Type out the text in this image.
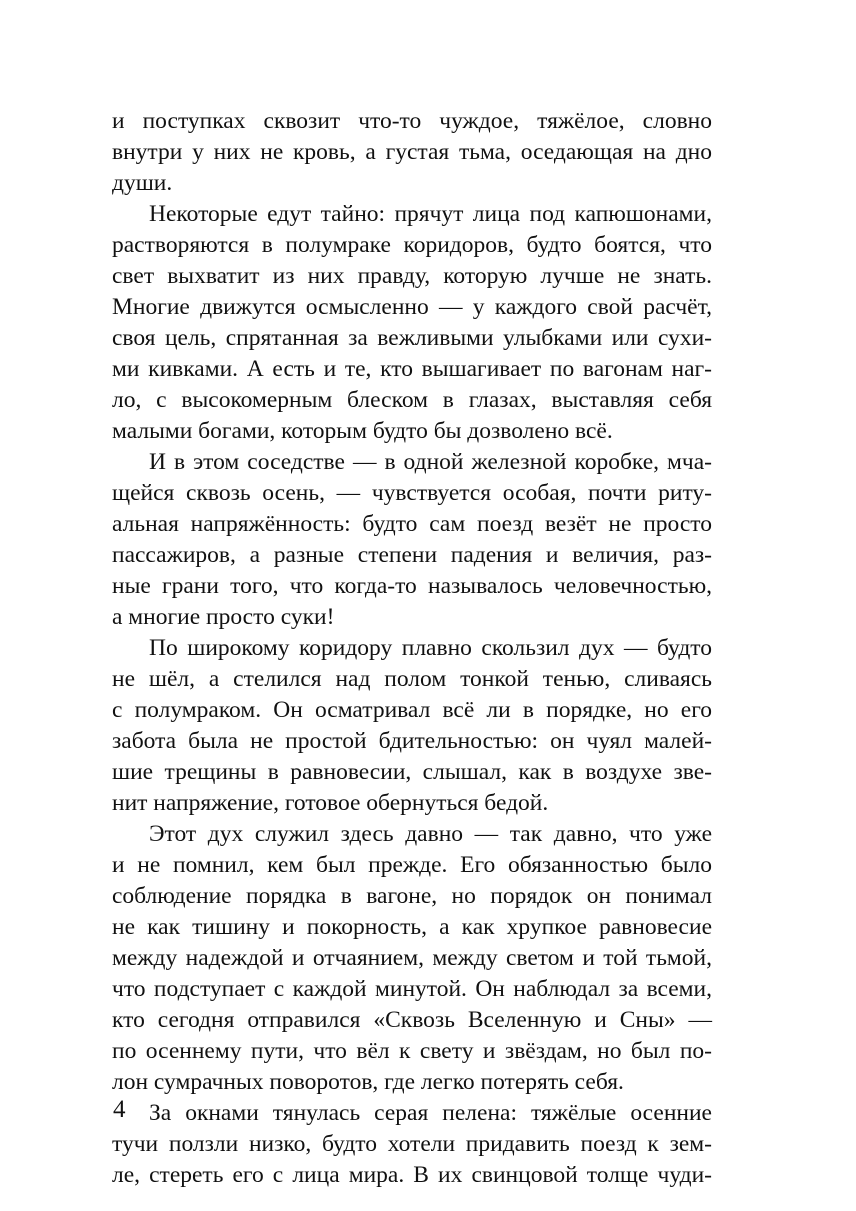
и поступках сквозит что-то чуждое, тяжёлое, словно
внутри у них не кровь, а густая тьма, оседающая на дно
души.

Некоторые едут тайно: прячут лица под капюшонами,
растворяются в полумраке коридоров, будто боятся, что
свет выхватит из них правду, которую лучше не знать.
Многие движутся осмысленно — у каждого свой расчёт,
своя цель, спрятанная за вежливыми улыбками или сухи-
ми кивками. А есть и те, кто вышагивает по вагонам наг-
ло, с высокомерным блеском в глазах, выставляя себя
малыми богами, которым будто бы дозволено всё.

И в этом соседстве — в одной железной коробке, мча-
щейся сквозь осень, — чувствуется особая, почти риту-
альная напряжённость: будто сам поезд везёт не просто
пассажиров, а разные степени падения и величия, раз-
ные грани того, что когда-то называлось человечностью,
а многие просто суки!

По широкому коридору плавно скользил дух — будто
не шёл, а стелился над полом тонкой тенью, сливаясь
с полумраком. Он осматривал всё ли в порядке, но его
забота была не простой бдительностью: он чуял малей-
шие трещины в равновесии, слышал, как в воздухе зве-
нит напряжение, готовое обернуться бедой.

Этот дух служил здесь давно — так давно, что уже
и не помнил, кем был прежде. Его обязанностью было
соблюдение порядка в вагоне, но порядок он понимал
не как тишину и покорность, а как хрупкое равновесие
между надеждой и отчаянием, между светом и той тьмой,
что подступает с каждой минутой. Он наблюдал за всеми,
кто сегодня отправился «Сквозь Вселенную и Сны» —
по осеннему пути, что вёл к свету и звёздам, но был по-
лон сумрачных поворотов, где легко потерять себя.

За окнами тянулась серая пелена: тяжёлые осенние
тучи ползли низко, будто хотели придавить поезд к зем-
ле, стереть его с лица мира. В их свинцовой толще чуди-

4
